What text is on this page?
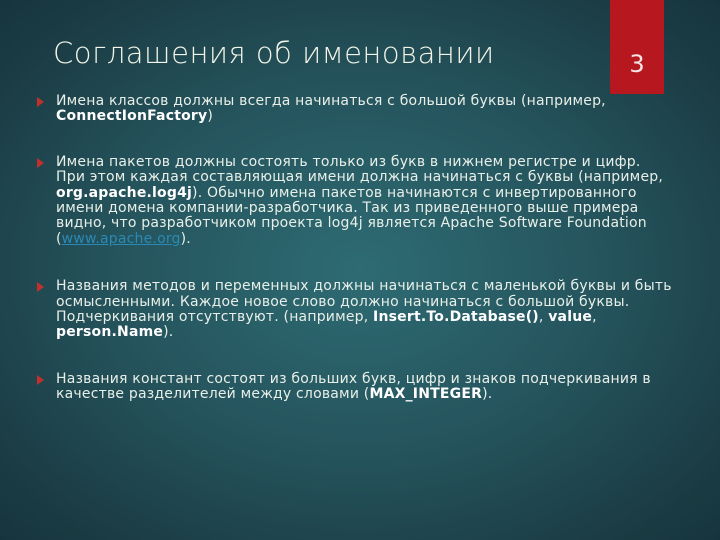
Соглашения об именовании	3
Имена классов должны всегда начинаться с большой буквы (например, ConnectIonFactory)
Имена пакетов должны состоять только из букв в нижнем регистре и цифр. При этом каждая составляющая имени должна начинаться с буквы (например, org.apache.log4j). Обычно имена пакетов начинаются с инвертированного имени домена компании-разработчика. Так из приведенного выше примера видно, что разработчиком проекта log4j является Apache Software Foundation (www.apache.org).
Названия методов и переменных должны начинаться с маленькой буквы и быть осмысленными. Каждое новое слово должно начинаться с большой буквы. Подчеркивания отсутствуют. (например, Insert.To.Database(), value, person.Name).
Названия констант состоят из больших букв, цифр и знаков подчеркивания в качестве разделителей между словами (MAX_INTEGER).
